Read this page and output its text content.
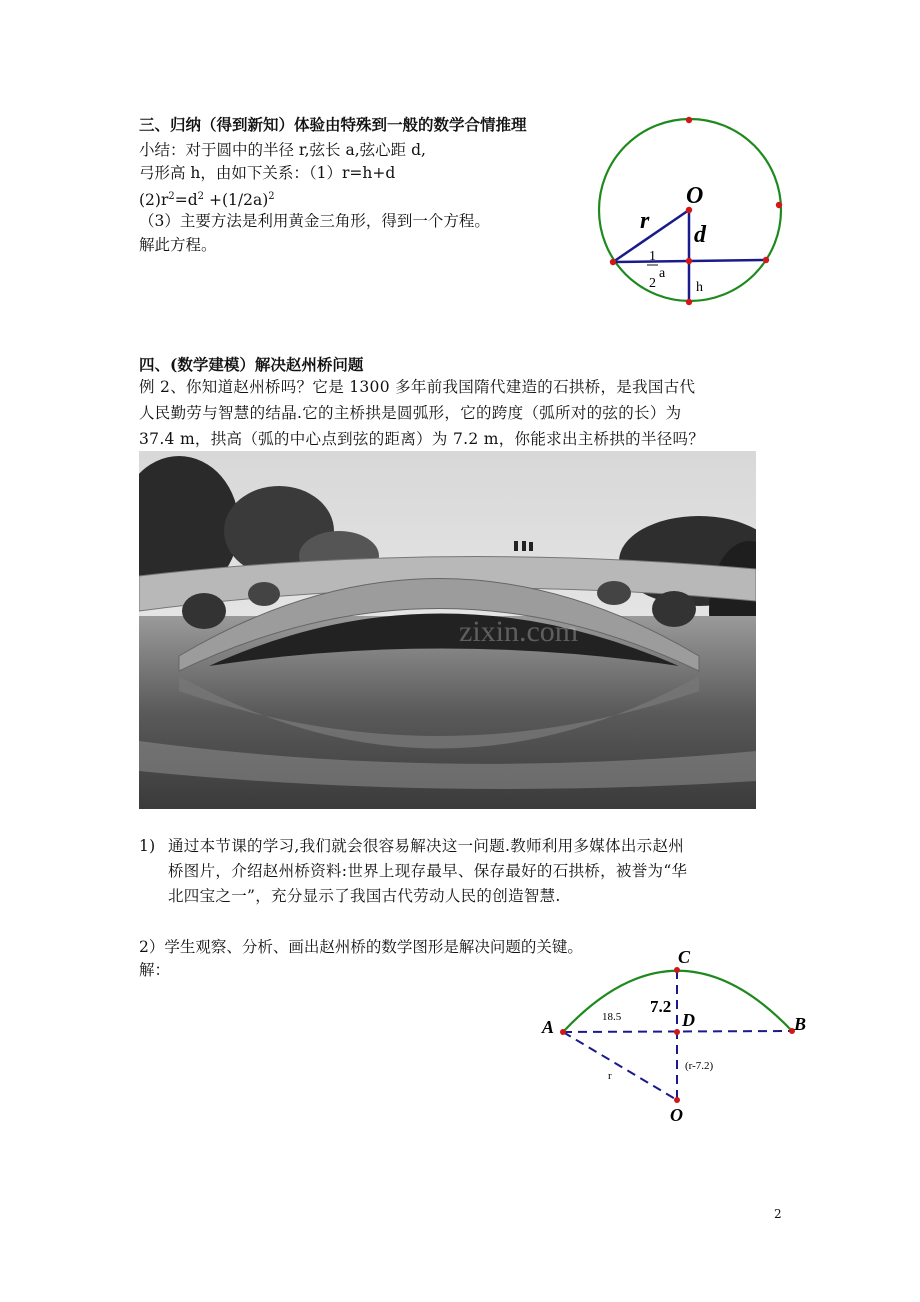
三、归纳（得到新知）体验由特殊到一般的数学合情推理
小结：对于圆中的半径 r,弦长 a,弦心距 d,
弓形高 h，由如下关系：（1）r=h+d
$(2)r^2=d^2 +(1/2a)^2$
（3）主要方法是利用黄金三角形，得到一个方程。
解此方程。
O
r
d
1
2
a
h
四、(数学建模）解决赵州桥问题
例 2、你知道赵州桥吗？它是 1300 多年前我国隋代建造的石拱桥，是我国古代
人民勤劳与智慧的结晶.它的主桥拱是圆弧形，它的跨度（弧所对的弦的长）为
37.4 m，拱高（弧的中心点到弦的距离）为 7.2 m，你能求出主桥拱的半径吗？
zixin.com
1) 通过本节课的学习,我们就会很容易解决这一问题.教师利用多媒体出示赵州
桥图片，介绍赵州桥资料:世界上现存最早、保存最好的石拱桥，被誉为“华
北四宝之一”，充分显示了我国古代劳动人民的创造智慧.
2）学生观察、分析、画出赵州桥的数学图形是解决问题的关键。
解：
C
7.2
18.5	D
A	B
(r-7.2)
r
O
2
